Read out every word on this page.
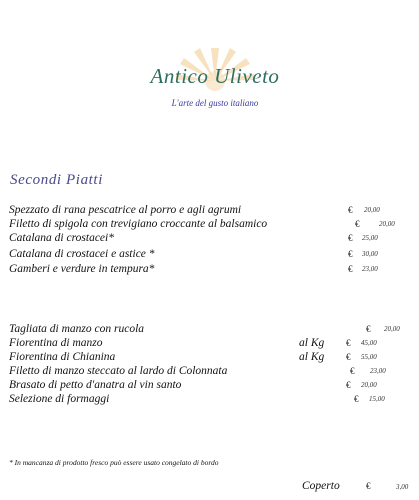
Antico Uliveto
L'arte del gusto italiano
Secondi Piatti
Spezzato di rana pescatrice al porro e agli agrumi	€ 20,00
Filetto di spigola con trevigiano croccante al balsamico	€	20,00
Catalana di crostacei*	€ 25,00
Catalana di crostacei e astice *	€ 30,00
Gamberi e verdure in tempura*	€ 23,00
Tagliata di manzo con rucola	€ 20,00
Fiorentina di manzo	al Kg € 45,00
Fiorentina di Chianina	al Kg € 55,00
Filetto di manzo steccato al lardo di Colonnata	€ 23,00
Brasato di petto d'anatra al vin santo	€ 20,00
Selezione di formaggi	€ 15,00
* In mancanza di prodotto fresco può essere usato congelato di bordo
Coperto	€	3,00
